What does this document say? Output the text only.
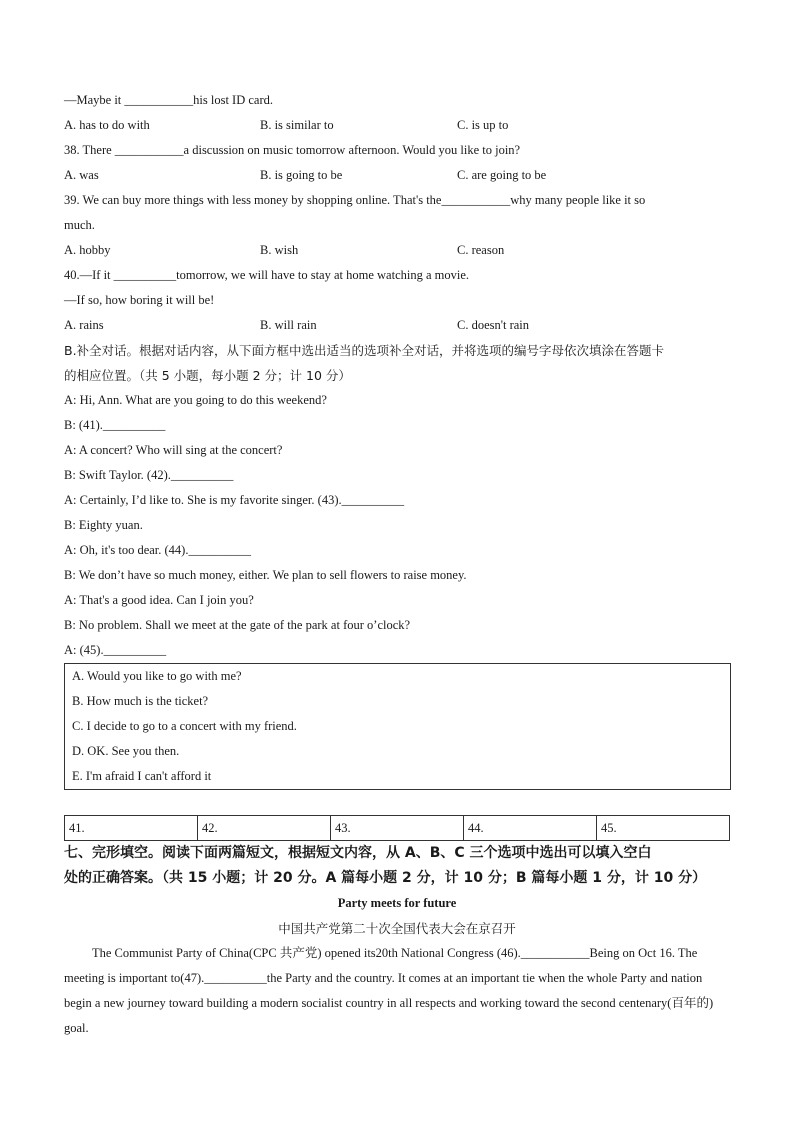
—Maybe it ___________his lost ID card.
A. has to do with	B. is similar to	C. is up to
38. There ___________a discussion on music tomorrow afternoon. Would you like to join?
A. was	B. is going to be	C. are going to be
39. We can buy more things with less money by shopping online. That's the___________why many people like it so
much.
A. hobby	B. wish	C. reason
40.—If it __________tomorrow, we will have to stay at home watching a movie.
—If so, how boring it will be!
A. rains	B. will rain	C. doesn't rain
B.补全对话。根据对话内容，从下面方框中选出适当的选项补全对话，并将选项的编号字母依次填涂在答题卡
的相应位置。（共 5 小题，每小题 2 分；计 10 分）
A: Hi, Ann. What are you going to do this weekend?
B: (41).__________
A: A concert? Who will sing at the concert?
B: Swift Taylor. (42).__________
A: Certainly, I’d like to. She is my favorite singer. (43).__________
B: Eighty yuan.
A: Oh, it's too dear. (44).__________
B: We don’t have so much money, either. We plan to sell flowers to raise money.
A: That's a good idea. Can I join you?
B: No problem. Shall we meet at the gate of the park at four o’clock?
A: (45).__________
A. Would you like to go with me?
B. How much is the ticket?
C. I decide to go to a concert with my friend.
D. OK. See you then.
E. I'm afraid I can't afford it
41.	42.	43.	44.	45.
七、完形填空。阅读下面两篇短文，根据短文内容，从 A、B、C 三个选项中选出可以填入空白
处的正确答案。（共 15 小题；计 20 分。A 篇每小题 2 分，计 10 分；B 篇每小题 1 分，计 10 分）
Party meets for future
中国共产党第二十次全国代表大会在京召开
The Communist Party of China(CPC 共产党) opened its20th National Congress (46).___________Being on Oct 16. The meeting is important to(47).__________the Party and the country. It comes at an important tie when the whole Party and nation begin a new journey toward building a modern socialist country in all respects and working toward the second centenary(百年的) goal.
